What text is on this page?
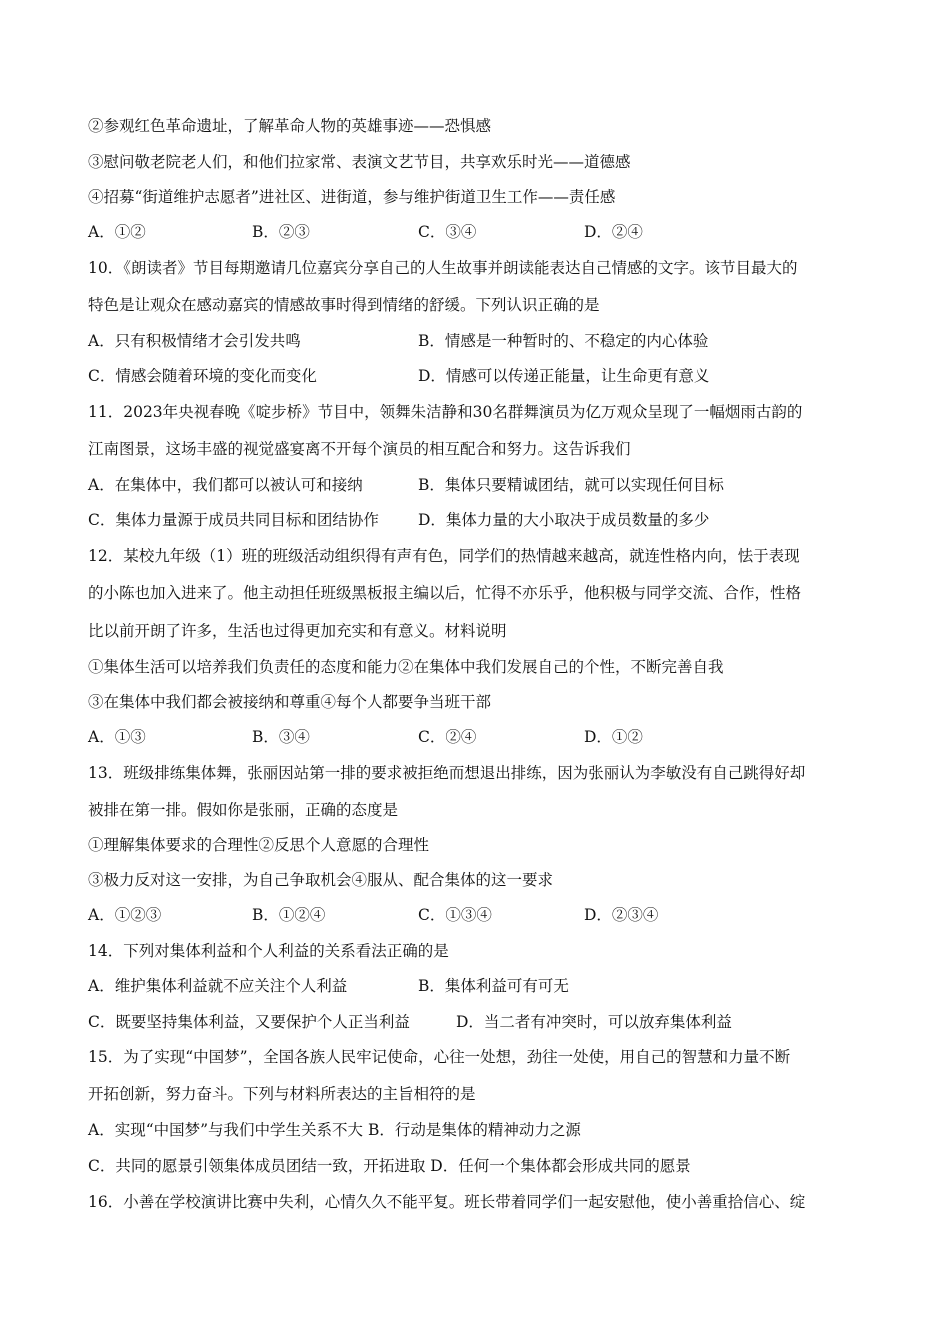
②参观红色革命遗址，了解革命人物的英雄事迹——恐惧感
③慰问敬老院老人们，和他们拉家常、表演文艺节目，共享欢乐时光——道德感
④招募“街道维护志愿者”进社区、进街道，参与维护街道卫生工作——责任感
A．①②	B．②③	C．③④	D．②④
10．《朗读者》节目每期邀请几位嘉宾分享自己的人生故事并朗读能表达自己情感的文字。该节目最大的
特色是让观众在感动嘉宾的情感故事时得到情绪的舒缓。下列认识正确的是
A．只有积极情绪才会引发共鸣	B．情感是一种暂时的、不稳定的内心体验
C．情感会随着环境的变化而变化	D．情感可以传递正能量，让生命更有意义
11．2023年央视春晚《啶步桥》节目中，领舞朱洁静和30名群舞演员为亿万观众呈现了一幅烟雨古韵的
江南图景，这场丰盛的视觉盛宴离不开每个演员的相互配合和努力。这告诉我们
A．在集体中，我们都可以被认可和接纳	B．集体只要精诚团结，就可以实现任何目标
C．集体力量源于成员共同目标和团结协作	D．集体力量的大小取决于成员数量的多少
12．某校九年级（1）班的班级活动组织得有声有色，同学们的热情越来越高，就连性格内向，怯于表现
的小陈也加入进来了。他主动担任班级黑板报主编以后，忙得不亦乐乎，他积极与同学交流、合作，性格
比以前开朗了许多，生活也过得更加充实和有意义。材料说明
①集体生活可以培养我们负责任的态度和能力②在集体中我们发展自己的个性，不断完善自我
③在集体中我们都会被接纳和尊重④每个人都要争当班干部
A．①③	B．③④	C．②④	D．①②
13．班级排练集体舞，张丽因站第一排的要求被拒绝而想退出排练，因为张丽认为李敏没有自己跳得好却
被排在第一排。假如你是张丽，正确的态度是
①理解集体要求的合理性②反思个人意愿的合理性
③极力反对这一安排，为自己争取机会④服从、配合集体的这一要求
A．①②③	B．①②④	C．①③④	D．②③④
14．下列对集体利益和个人利益的关系看法正确的是
A．维护集体利益就不应关注个人利益	B．集体利益可有可无
C．既要坚持集体利益，又要保护个人正当利益	D．当二者有冲突时，可以放弃集体利益
15．为了实现“中国梦”，全国各族人民牢记使命，心往一处想，劲往一处使，用自己的智慧和力量不断
开拓创新，努力奋斗。下列与材料所表达的主旨相符的是
A．实现“中国梦”与我们中学生关系不大 B．行动是集体的精神动力之源
C．共同的愿景引领集体成员团结一致，开拓进取 D．任何一个集体都会形成共同的愿景
16．小善在学校演讲比赛中失利，心情久久不能平复。班长带着同学们一起安慰他，使小善重拾信心、绽
